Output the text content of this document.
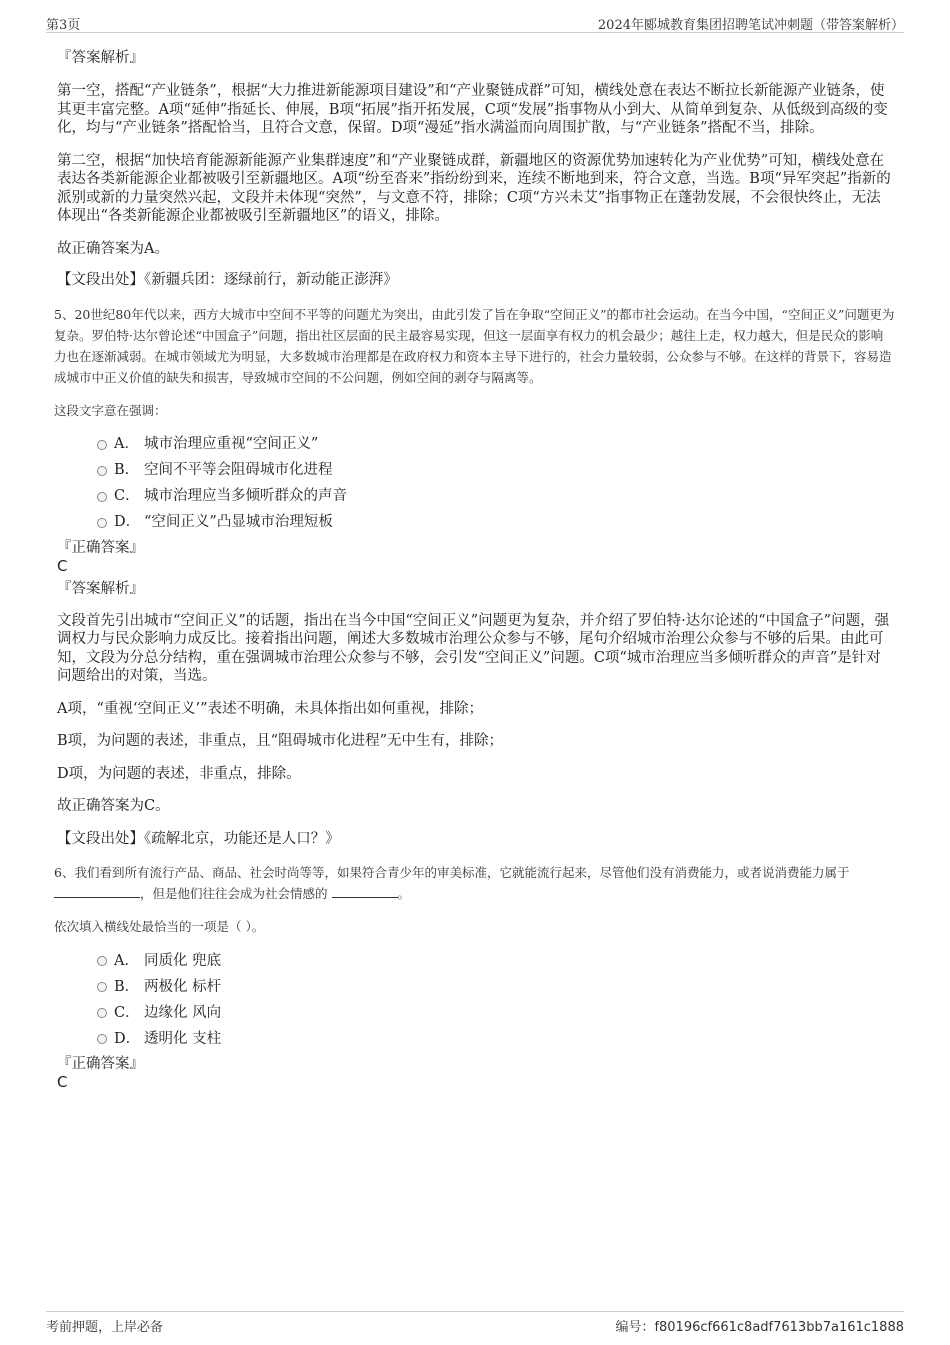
第3页	2024年郾城教育集团招聘笔试冲刺题（带答案解析）
『答案解析』

第一空，搭配“产业链条”，根据“大力推进新能源项目建设”和“产业聚链成群”可知，横线处意在表达不断拉长新能源产业链条，使其更丰富完整。A项“延伸”指延长、伸展，B项“拓展”指开拓发展，C项“发展”指事物从小到大、从简单到复杂、从低级到高级的变化，均与“产业链条”搭配恰当，且符合文意，保留。D项“漫延”指水满溢而向周围扩散，与“产业链条”搭配不当，排除。

第二空，根据“加快培育能源新能源产业集群速度”和“产业聚链成群，新疆地区的资源优势加速转化为产业优势”可知，横线处意在表达各类新能源企业都被吸引至新疆地区。A项“纷至沓来”指纷纷到来，连续不断地到来，符合文意，当选。B项“异军突起”指新的派别或新的力量突然兴起，文段并未体现“突然”，与文意不符，排除；C项“方兴未艾”指事物正在蓬勃发展，不会很快终止，无法体现出“各类新能源企业都被吸引至新疆地区”的语义，排除。

故正确答案为A。

【文段出处】《新疆兵团：逐绿前行，新动能正澎湃》

5、20世纪80年代以来，西方大城市中空间不平等的问题尤为突出，由此引发了旨在争取“空间正义”的都市社会运动。在当今中国，“空间正义”问题更为复杂。罗伯特·达尔曾论述“中国盒子”问题，指出社区层面的民主最容易实现，但这一层面享有权力的机会最少；越往上走，权力越大，但是民众的影响力也在逐渐减弱。在城市领域尤为明显，大多数城市治理都是在政府权力和资本主导下进行的，社会力量较弱，公众参与不够。在这样的背景下，容易造成城市中正义价值的缺失和损害，导致城市空间的不公问题，例如空间的剥夺与隔离等。

这段文字意在强调：

A． 城市治理应重视“空间正义”
B． 空间不平等会阻碍城市化进程
C． 城市治理应当多倾听群众的声音
D． “空间正义”凸显城市治理短板
『正确答案』
C
『答案解析』

文段首先引出城市“空间正义”的话题，指出在当今中国“空间正义”问题更为复杂，并介绍了罗伯特·达尔论述的“中国盒子”问题，强调权力与民众影响力成反比。接着指出问题，阐述大多数城市治理公众参与不够，尾句介绍城市治理公众参与不够的后果。由此可知，文段为分总分结构，重在强调城市治理公众参与不够，会引发“空间正义”问题。C项“城市治理应当多倾听群众的声音”是针对问题给出的对策，当选。

A项，“重视‘空间正义’”表述不明确，未具体指出如何重视，排除；

B项，为问题的表述，非重点，且“阻碍城市化进程”无中生有，排除；

D项，为问题的表述，非重点，排除。

故正确答案为C。

【文段出处】《疏解北京，功能还是人口？》

6、我们看到所有流行产品、商品、社会时尚等等，如果符合青少年的审美标准，它就能流行起来，尽管他们没有消费能力，或者说消费能力属于 ，但是他们往往会成为社会情感的	。

依次填入横线处最恰当的一项是（ ）。

A． 同质化 兜底
B． 两极化 标杆
C． 边缘化 风向
D． 透明化 支柱
『正确答案』
C
考前押题，上岸必备	编号：f80196cf661c8adf7613bb7a161c1888
